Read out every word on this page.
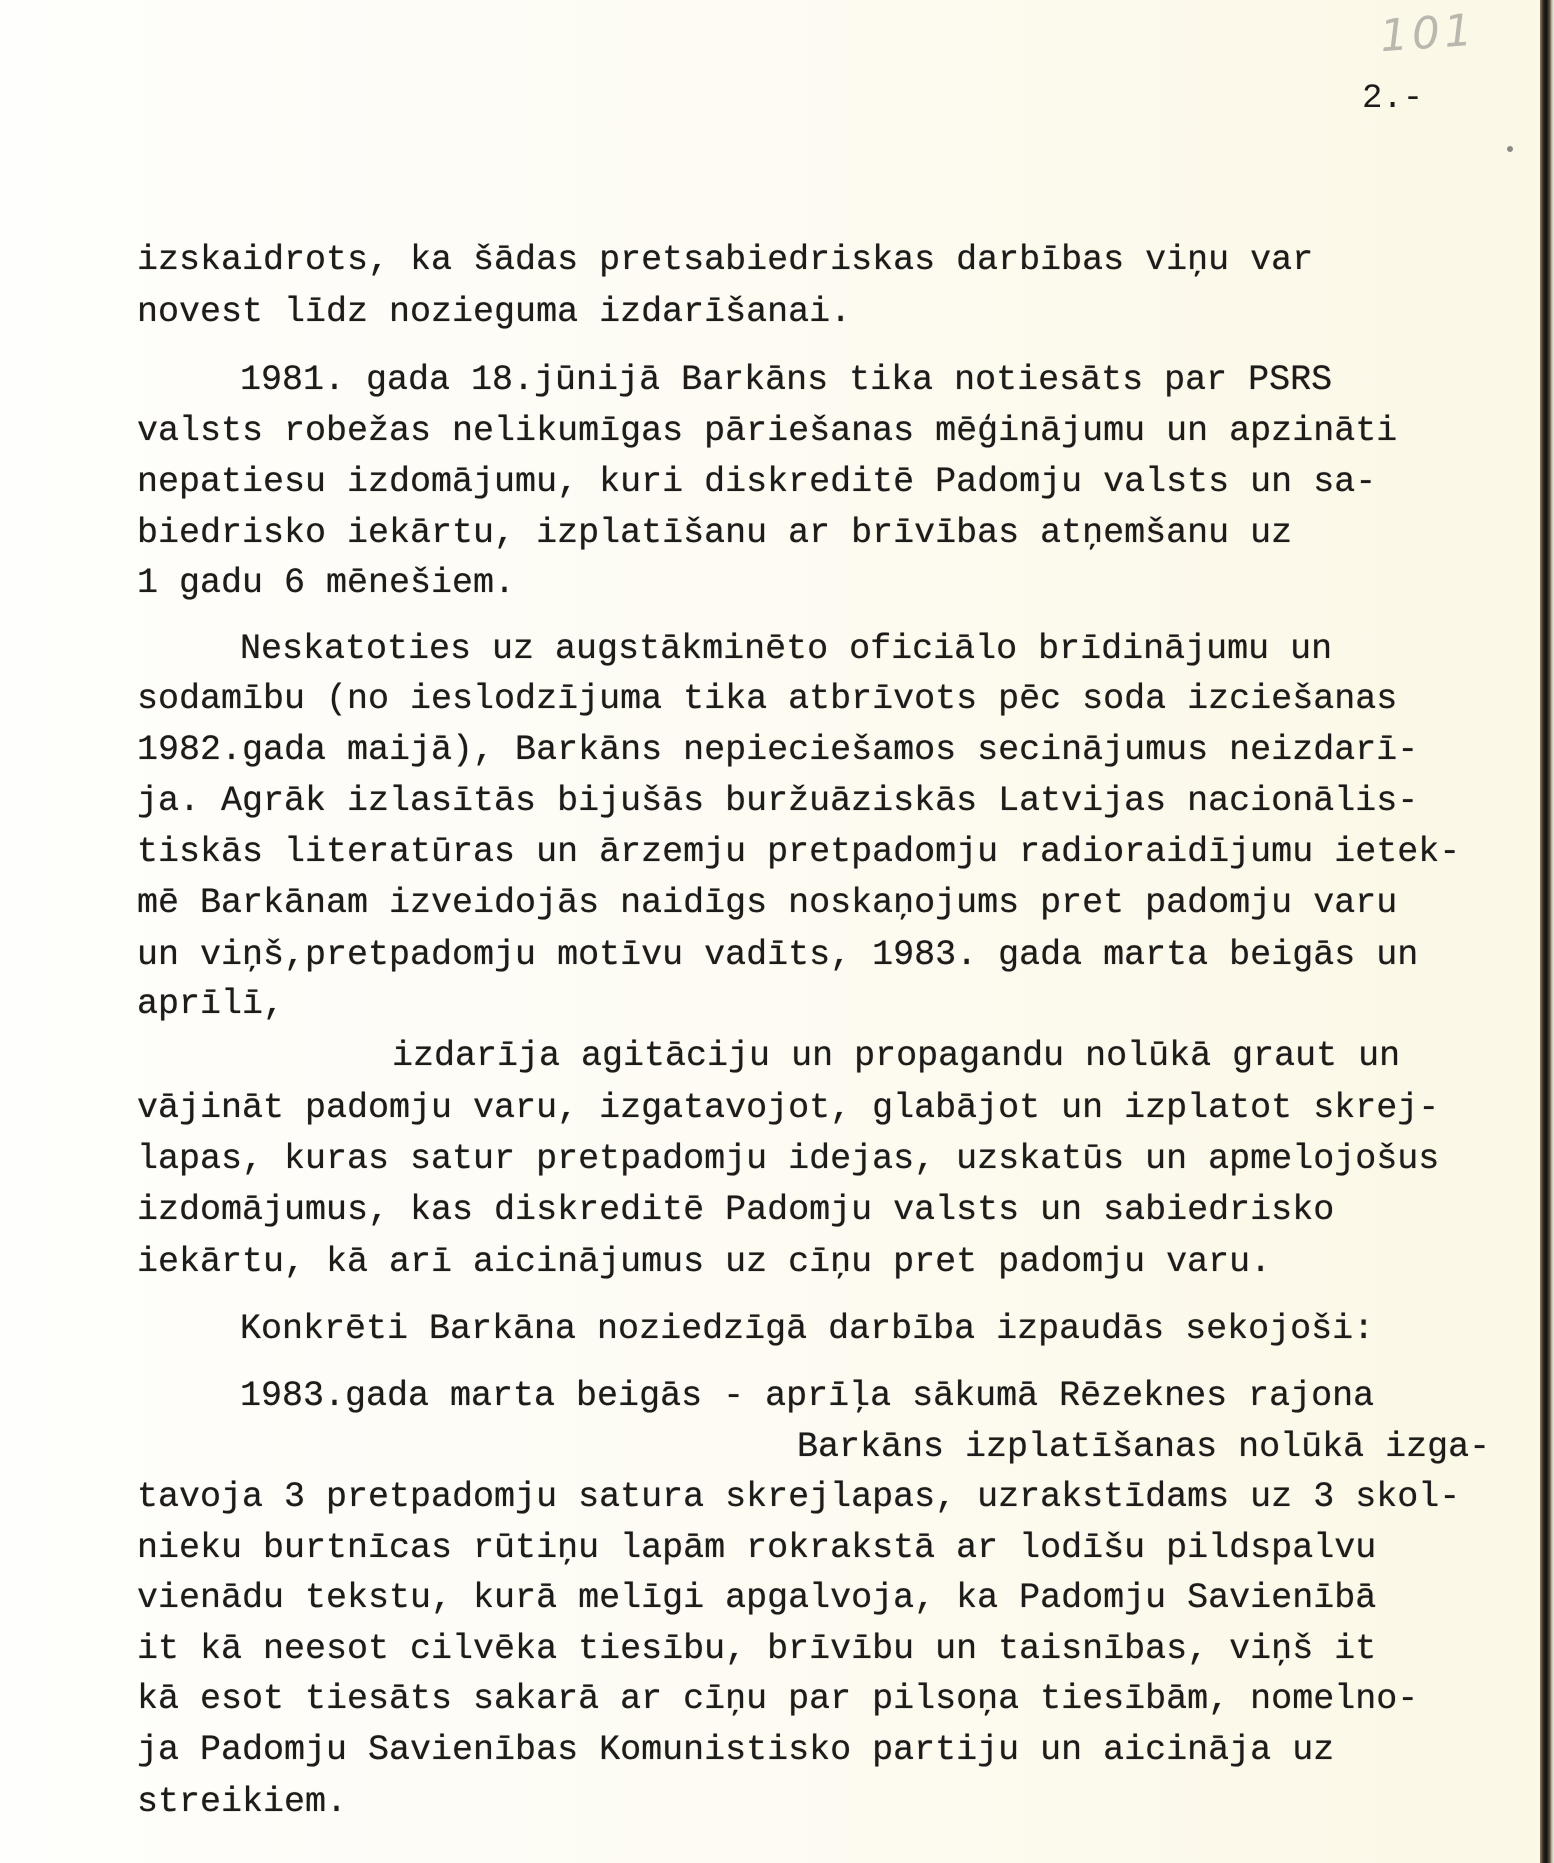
101
2.-
izskaidrots, ka šādas pretsabiedriskas darbības viņu var
novest līdz nozieguma izdarīšanai.
1981. gada 18.jūnijā Barkāns tika notiesāts par PSRS
valsts robežas nelikumīgas pāriešanas mēģinājumu un apzināti
nepatiesu izdomājumu, kuri diskreditē Padomju valsts un sa-
biedrisko iekārtu, izplatīšanu ar brīvības atņemšanu uz
1 gadu 6 mēnešiem.
Neskatoties uz augstākminēto oficiālo brīdinājumu un
sodamību (no ieslodzījuma tika atbrīvots pēc soda izciešanas
1982.gada maijā), Barkāns nepieciešamos secinājumus neizdarī-
ja. Agrāk izlasītās bijušās buržuāziskās Latvijas nacionālis-
tiskās literatūras un ārzemju pretpadomju radioraidījumu ietek-
mē Barkānam izveidojās naidīgs noskaņojums pret padomju varu
un viņš,pretpadomju motīvu vadīts, 1983. gada marta beigās un
aprīlī,
izdarīja agitāciju un propagandu nolūkā graut un
vājināt padomju varu, izgatavojot, glabājot un izplatot skrej-
lapas, kuras satur pretpadomju idejas, uzskatūs un apmelojošus
izdomājumus, kas diskreditē Padomju valsts un sabiedrisko
iekārtu, kā arī aicinājumus uz cīņu pret padomju varu.
Konkrēti Barkāna noziedzīgā darbība izpaudās sekojoši:
1983.gada marta beigās - aprīļa sākumā Rēzeknes rajona
Barkāns izplatīšanas nolūkā izga-
tavoja 3 pretpadomju satura skrejlapas, uzrakstīdams uz 3 skol-
nieku burtnīcas rūtiņu lapām rokrakstā ar lodīšu pildspalvu
vienādu tekstu, kurā melīgi apgalvoja, ka Padomju Savienībā
it kā neesot cilvēka tiesību, brīvību un taisnības, viņš it
kā esot tiesāts sakarā ar cīņu par pilsoņa tiesībām, nomelno-
ja Padomju Savienības Komunistisko partiju un aicināja uz
streikiem.
